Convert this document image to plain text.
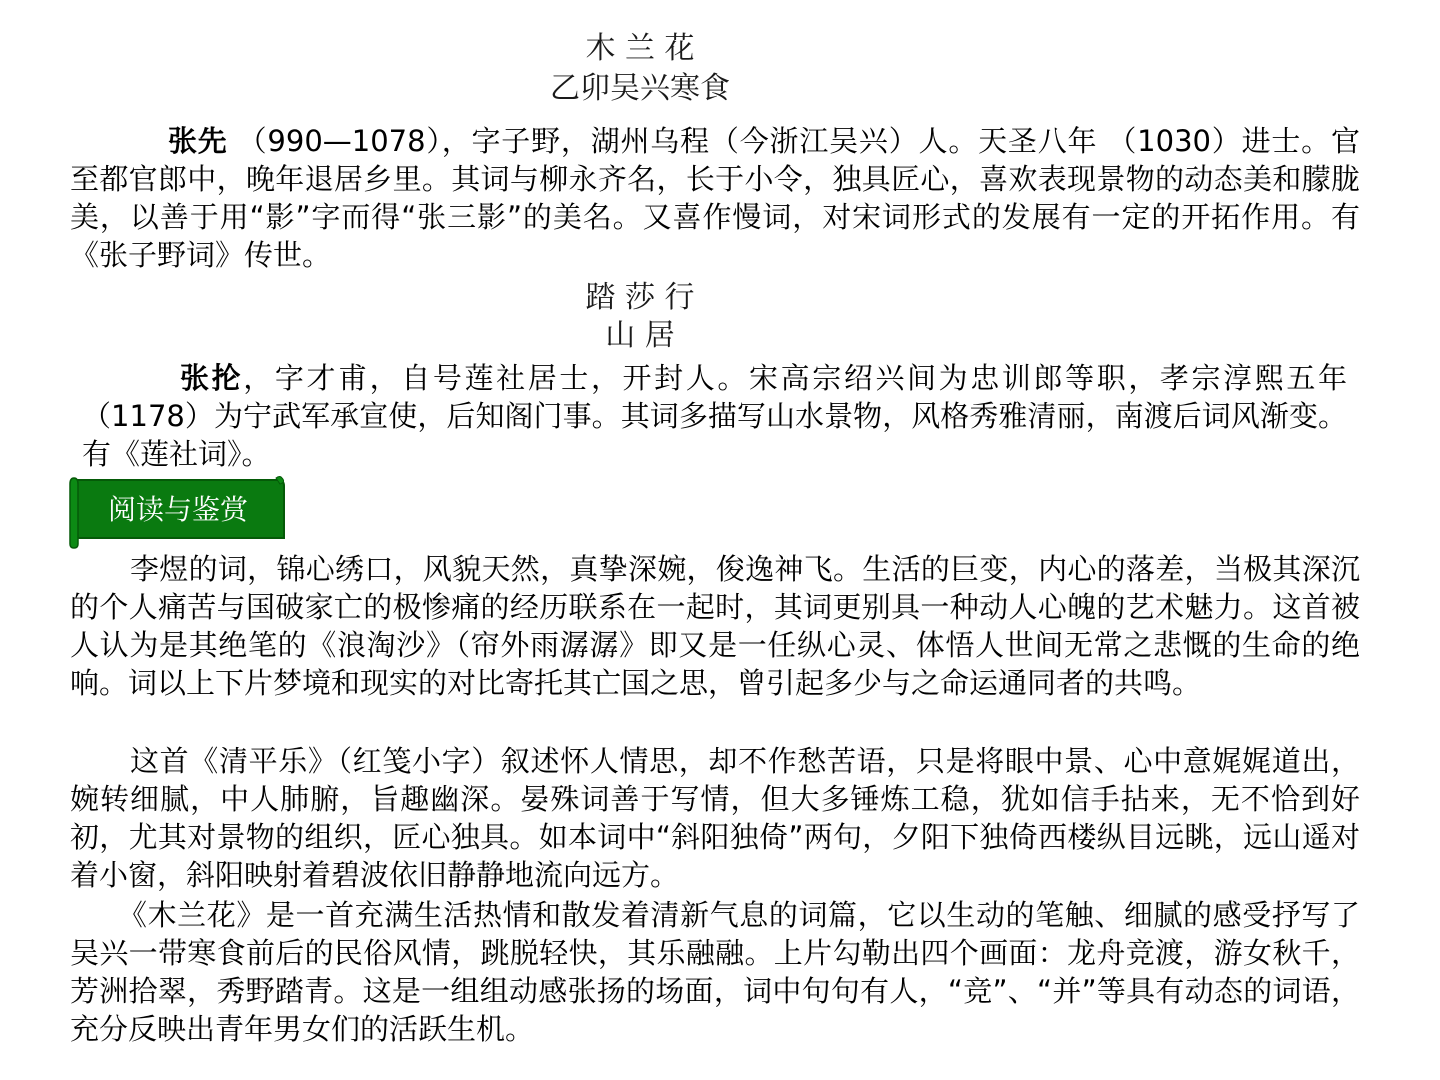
木 兰 花
乙卯吴兴寒食

张先 （990—1078），字子野，湖州乌程（今浙江吴兴）人。天圣八年 （1030）进士。官至都官郎中，晚年退居乡里。其词与柳永齐名，长于小令，独具匠心，喜欢表现景物的动态美和朦胧美，以善于用“影”字而得“张三影”的美名。又喜作慢词，对宋词形式的发展有一定的开拓作用。有《张子野词》传世。

踏 莎 行
山 居

张抡，字才甫，自号莲社居士，开封人。宋高宗绍兴间为忠训郎等职，孝宗淳熙五年（1178）为宁武军承宣使，后知阁门事。其词多描写山水景物，风格秀雅清丽，南渡后词风渐变。有《莲社词》。

阅读与鉴赏

李煜的词，锦心绣口，风貌天然，真挚深婉，俊逸神飞。生活的巨变，内心的落差，当极其深沉的个人痛苦与国破家亡的极惨痛的经历联系在一起时，其词更别具一种动人心魄的艺术魅力。这首被人认为是其绝笔的《浪淘沙》（帘外雨潺潺》即又是一任纵心灵、体悟人世间无常之悲慨的生命的绝响。词以上下片梦境和现实的对比寄托其亡国之思，曾引起多少与之命运通同者的共鸣。

这首《清平乐》（红笺小字）叙述怀人情思，却不作愁苦语，只是将眼中景、心中意娓娓道出，婉转细腻，中人肺腑，旨趣幽深。晏殊词善于写情，但大多锤炼工稳，犹如信手拈来，无不恰到好初，尤其对景物的组织，匠心独具。如本词中“斜阳独倚”两句，夕阳下独倚西楼纵目远眺，远山遥对着小窗，斜阳映射着碧波依旧静静地流向远方。

《木兰花》是一首充满生活热情和散发着清新气息的词篇，它以生动的笔触、细腻的感受抒写了吴兴一带寒食前后的民俗风情，跳脱轻快，其乐融融。上片勾勒出四个画面：龙舟竞渡，游女秋千，芳洲拾翠，秀野踏青。这是一组组动感张扬的场面，词中句句有人，“竞”、“并”等具有动态的词语，充分反映出青年男女们的活跃生机。
